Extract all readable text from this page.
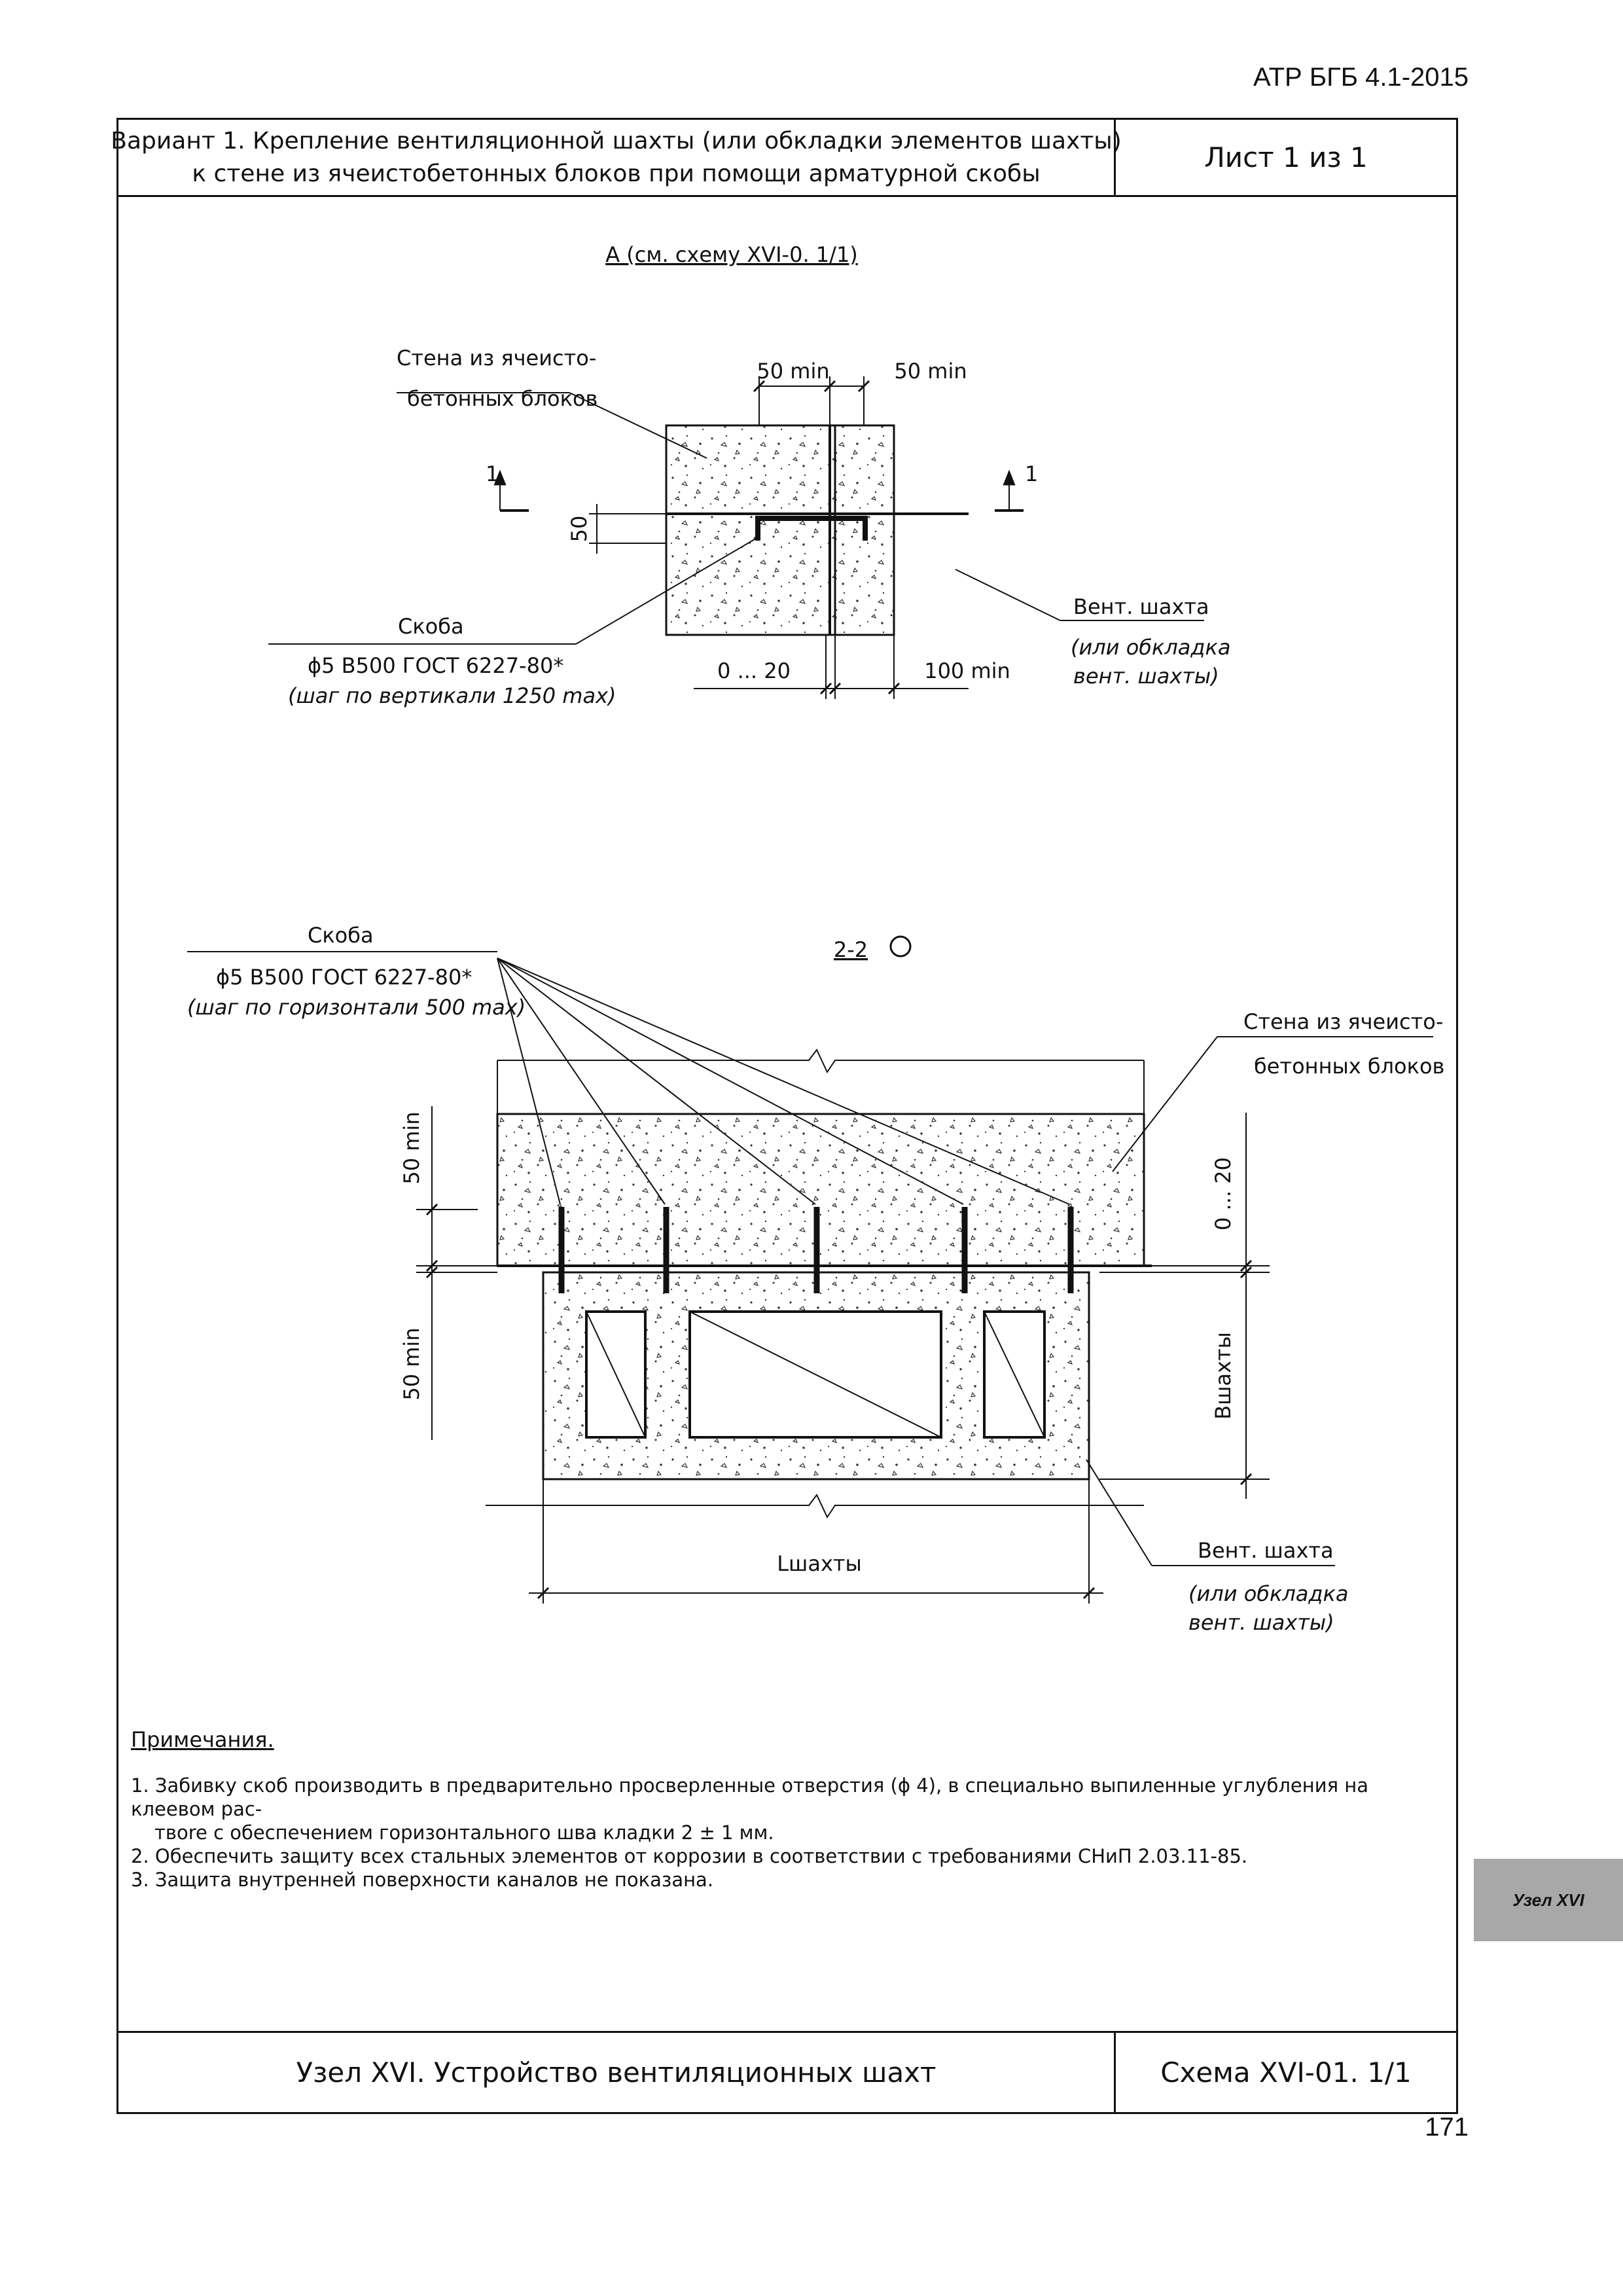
АТР БГБ 4.1-2015
Вариант 1. Крепление вентиляционной шахты (или обкладки элементов шахты)
к стене из ячеистобетонных блоков при помощи арматурной скобы	Лист 1 из 1
Узел XVI. Устройство вентиляционных шахт	Схема XVI-01. 1/1
А (см. схему XVI-0. 1/1)
50 min	50 min
Стена из ячеисто-
бетонных блоков
1	1
50
Скоба
ϕ5 В500 ГОСТ 6227-80*
(шаг по вертикали 1250 max)
0 ... 20	100 min
Вент. шахта
(или обкладка
вент. шахты)
2-2
Скоба
ϕ5 В500 ГОСТ 6227-80*
(шаг по горизонтали 500 max)
50 min
50 min
0 ... 20
Bшахты
Lшахты
Стена из ячеисто-
бетонных блоков
Вент. шахта
(или обкладка
вент. шахты)
Примечания.

1. Забивку скоб производить в предварительно просверленные отверстия (ϕ 4), в специально выпиленные углубления на клеевом рас-

твore с обеспечением горизонтального шва кладки 2 ± 1 мм.

2. Обеспечить защиту всех стальных элементов от коррозии в соответствии с требованиями СНиП 2.03.11-85.

3. Защита внутренней поверхности каналов не показана.

Узел XVI
171
